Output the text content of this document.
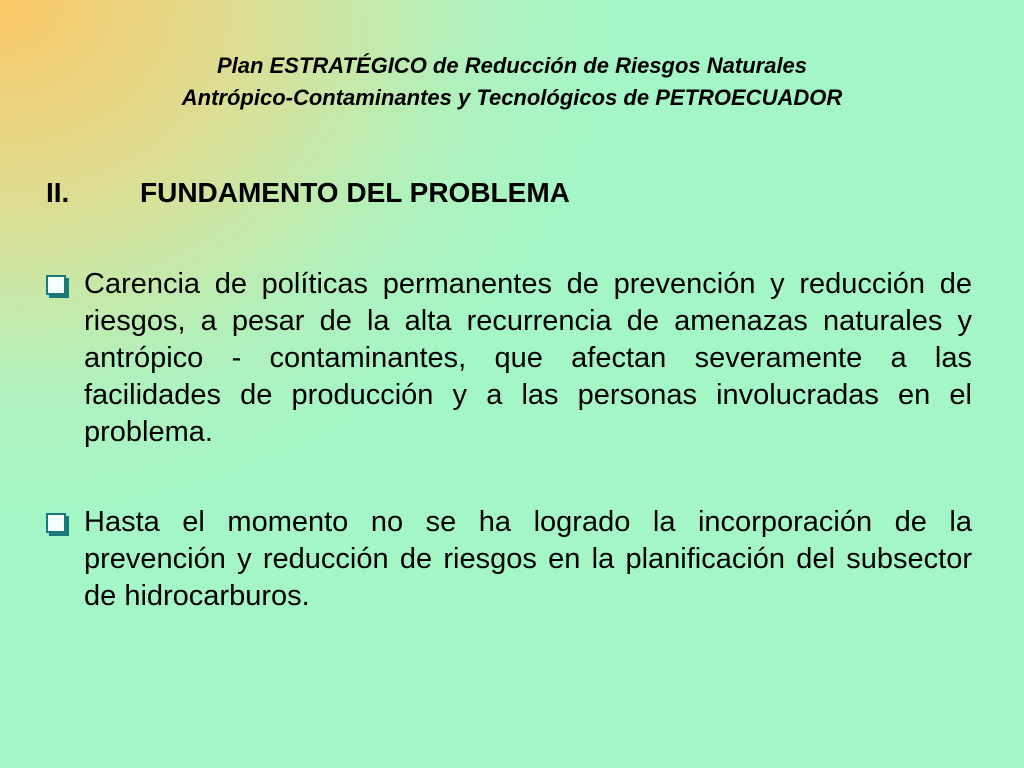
Plan ESTRATÉGICO de Reducción de Riesgos Naturales
Antrópico-Contaminantes y Tecnológicos de PETROECUADOR
II.	FUNDAMENTO DEL PROBLEMA
Carencia de políticas permanentes de prevención y reducción de riesgos, a pesar de la alta recurrencia de amenazas naturales y antrópico - contaminantes, que afectan severamente a las facilidades de producción y a las personas involucradas en el problema.
Hasta el momento no se ha logrado la incorporación de la prevención y reducción de riesgos en la planificación del subsector de hidrocarburos.
